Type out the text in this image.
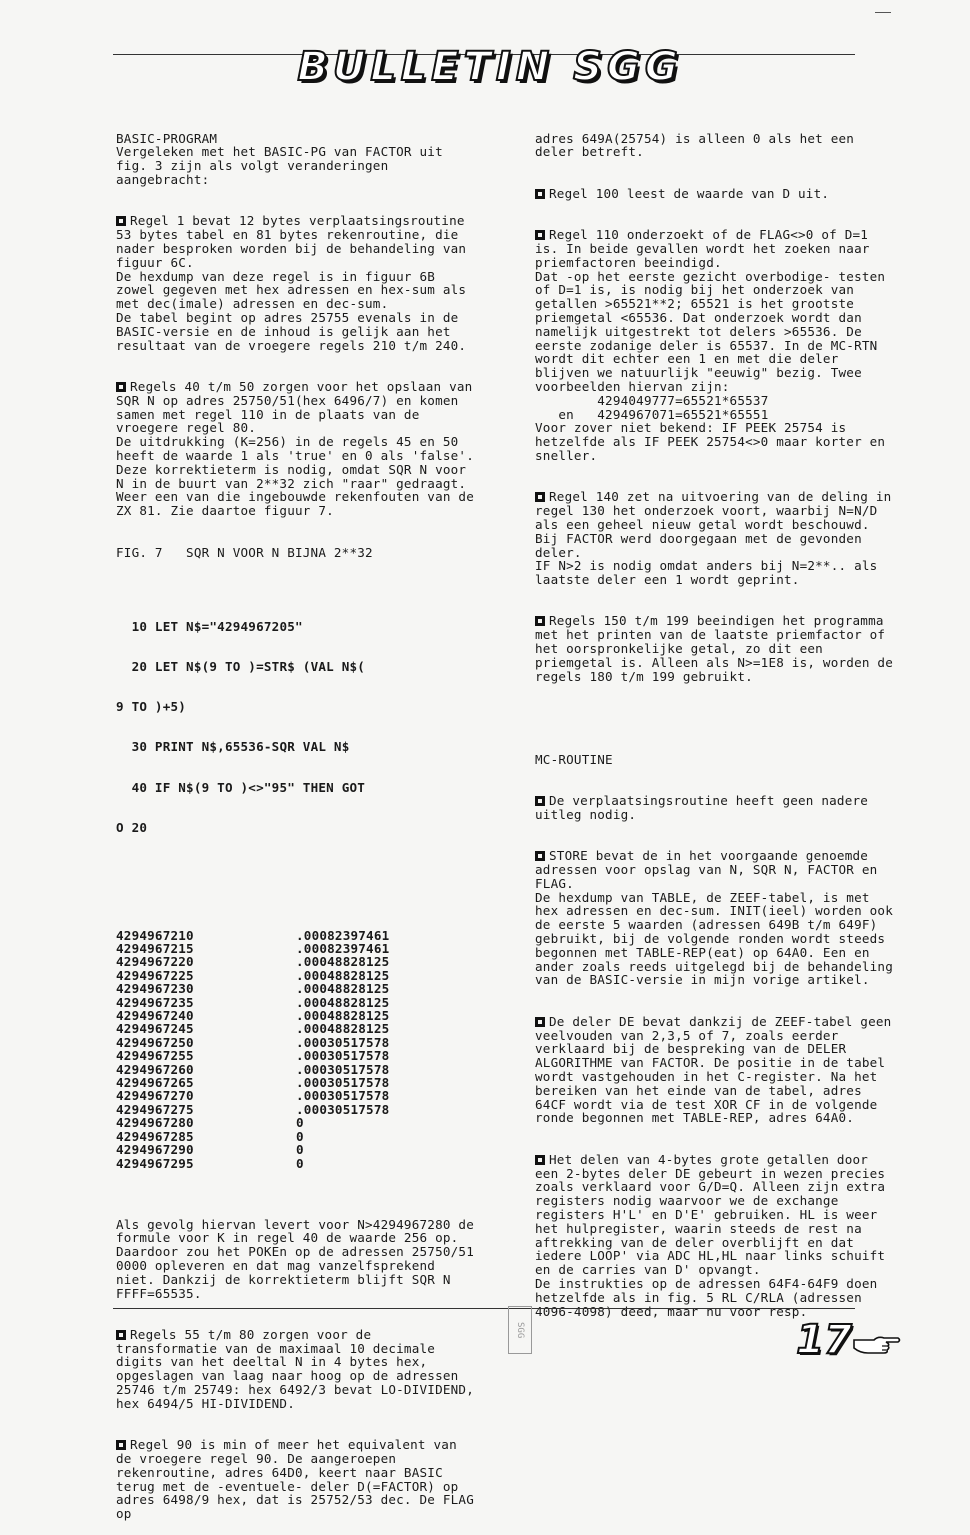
BULLETIN SGG

BASIC-PROGRAM
Vergeleken met het BASIC-PG van FACTOR uit fig. 3 zijn als volgt veranderingen aangebracht:

Regel 1 bevat 12 bytes verplaatsingsroutine 53 bytes tabel en 81 bytes rekenroutine, die nader besproken worden bij de behandeling van figuur 6C.
De hexdump van deze regel is in figuur 6B zowel gegeven met hex adressen en hex-sum als met dec(imale) adressen en dec-sum.
De tabel begint op adres 25755 evenals in de BASIC-versie en de inhoud is gelijk aan het resultaat van de vroegere regels 210 t/m 240.

Regels 40 t/m 50 zorgen voor het opslaan van SQR N op adres 25750/51(hex 6496/7) en komen samen met regel 110 in de plaats van de vroegere regel 80.
De uitdrukking (K=256) in de regels 45 en 50 heeft de waarde 1 als 'true' en 0 als 'false'. Deze korrektieterm is nodig, omdat SQR N voor N in de buurt van 2**32 zich "raar" gedraagt. Weer een van die ingebouwde rekenfouten van de ZX 81. Zie daartoe figuur 7.

FIG. 7   SQR N VOOR N BIJNA 2**32

10 LET N$="4294967205"

20 LET N$(9 TO )=STR$ (VAL N$(

9 TO )+5)

30 PRINT N$,65536-SQR VAL N$

40 IF N$(9 TO )<>"95" THEN GOT

O 20

4294967210
4294967215
4294967220
4294967225
4294967230
4294967235
4294967240
4294967245
4294967250
4294967255
4294967260
4294967265
4294967270
4294967275
4294967280
4294967285
4294967290
4294967295
.00082397461
.00082397461
.00048828125
.00048828125
.00048828125
.00048828125
.00048828125
.00048828125
.00030517578
.00030517578
.00030517578
.00030517578
.00030517578
.00030517578
0
0
0
0

Als gevolg hiervan levert voor N>4294967280 de formule voor K in regel 40 de waarde 256 op. Daardoor zou het POKEn op de adressen 25750/51 0000 opleveren en dat mag vanzelfsprekend niet. Dankzij de korrektieterm blijft SQR N FFFF=65535.

Regels 55 t/m 80 zorgen voor de transformatie van de maximaal 10 decimale digits van het deeltal N in 4 bytes hex, opgeslagen van laag naar hoog op de adressen 25746 t/m 25749: hex 6492/3 bevat LO-DIVIDEND, hex 6494/5 HI-DIVIDEND.

Regel 90 is min of meer het equivalent van de vroegere regel 90. De aangeroepen rekenroutine, adres 64D0, keert naar BASIC terug met de -eventuele- deler D(=FACTOR) op adres 6498/9 hex, dat is 25752/53 dec. De FLAG op

adres 649A(25754) is alleen 0 als het een deler betreft.

Regel 100 leest de waarde van D uit.

Regel 110 onderzoekt of de FLAG<>0 of D=1 is. In beide gevallen wordt het zoeken naar priemfactoren beeindigd.
Dat -op het eerste gezicht overbodige- testen of D=1 is, is nodig bij het onderzoek van getallen >65521**2; 65521 is het grootste priemgetal <65536. Dat onderzoek wordt dan namelijk uitgestrekt tot delers >65536. De eerste zodanige deler is 65537. In de MC-RTN wordt dit echter een 1 en met die deler blijven we natuurlijk "eeuwig" bezig. Twee voorbeelden hiervan zijn:
4294049777=65521*65537
en   4294967071=65521*65551
Voor zover niet bekend: IF PEEK 25754 is hetzelfde als IF PEEK 25754<>0 maar korter en sneller.

Regel 140 zet na uitvoering van de deling in regel 130 het onderzoek voort, waarbij N=N/D als een geheel nieuw getal wordt beschouwd. Bij FACTOR werd doorgegaan met de gevonden deler.
IF N>2 is nodig omdat anders bij N=2**.. als laatste deler een 1 wordt geprint.

Regels 150 t/m 199 beeindigen het programma met het printen van de laatste priemfactor of het oorspronkelijke getal, zo dit een priemgetal is. Alleen als N>=1E8 is, worden de regels 180 t/m 199 gebruikt.

MC-ROUTINE

De verplaatsingsroutine heeft geen nadere uitleg nodig.

STORE bevat de in het voorgaande genoemde adressen voor opslag van N, SQR N, FACTOR en FLAG.
De hexdump van TABLE, de ZEEF-tabel, is met hex adressen en dec-sum. INIT(ieel) worden ook de eerste 5 waarden (adressen 649B t/m 649F) gebruikt, bij de volgende ronden wordt steeds begonnen met TABLE-REP(eat) op 64A0. Een en ander zoals reeds uitgelegd bij de behandeling van de BASIC-versie in mijn vorige artikel.

De deler DE bevat dankzij de ZEEF-tabel geen veelvouden van 2,3,5 of 7, zoals eerder verklaard bij de bespreking van de DELER ALGORITHME van FACTOR. De positie in de tabel wordt vastgehouden in het C-register. Na het bereiken van het einde van de tabel, adres 64CF wordt via de test XOR CF in de volgende ronde begonnen met TABLE-REP, adres 64A0.

Het delen van 4-bytes grote getallen door een 2-bytes deler DE gebeurt in wezen precies zoals verklaard voor G/D=Q. Alleen zijn extra registers nodig waarvoor we de exchange registers H'L' en D'E' gebruiken. HL is weer het hulpregister, waarin steeds de rest na aftrekking van de deler overblijft en dat iedere LOOP' via ADC HL,HL naar links schuift en de carries van D' opvangt.
De instrukties op de adressen 64F4-64F9 doen hetzelfde als in fig. 5 RL C/RLA (adressen 4096-4098) deed, maar nu voor resp.

SGG	17
